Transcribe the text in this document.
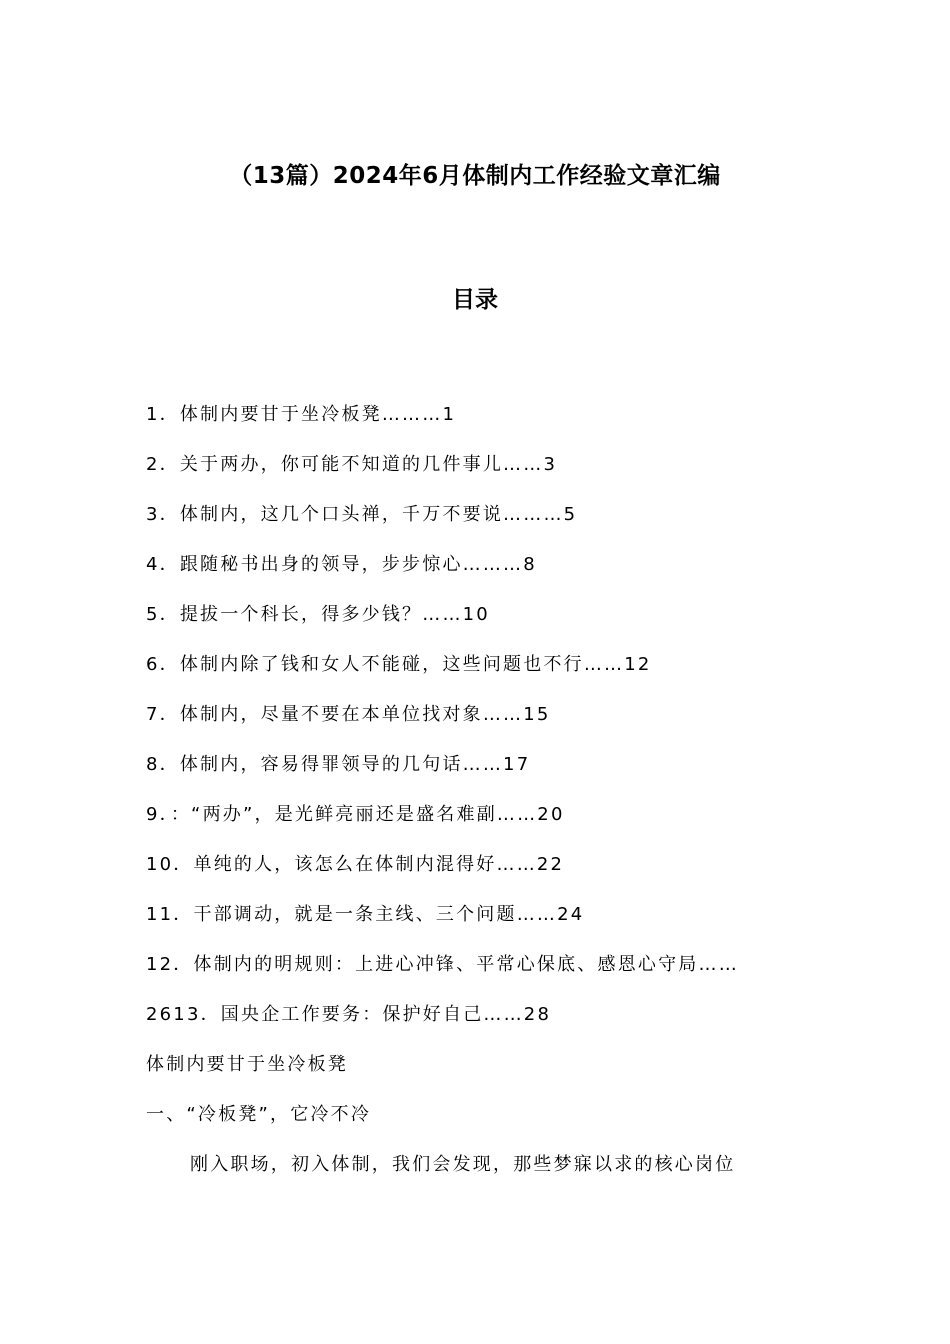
（13篇）2024年6月体制内工作经验文章汇编
目录
1．体制内要甘于坐冷板凳………1
2．关于两办，你可能不知道的几件事儿……3
3．体制内，这几个口头禅，千万不要说………5
4．跟随秘书出身的领导，步步惊心………8
5．提拔一个科长，得多少钱？……10
6．体制内除了钱和女人不能碰，这些问题也不行……12
7．体制内，尽量不要在本单位找对象……15
8．体制内，容易得罪领导的几句话……17
9．：“两办”，是光鲜亮丽还是盛名难副……20
10．单纯的人，该怎么在体制内混得好……22
11．干部调动，就是一条主线、三个问题……24
12．体制内的明规则：上进心冲锋、平常心保底、感恩心守局……
2613．国央企工作要务：保护好自己……28
体制内要甘于坐冷板凳
一、“冷板凳”，它冷不冷
刚入职场，初入体制，我们会发现，那些梦寐以求的核心岗位
